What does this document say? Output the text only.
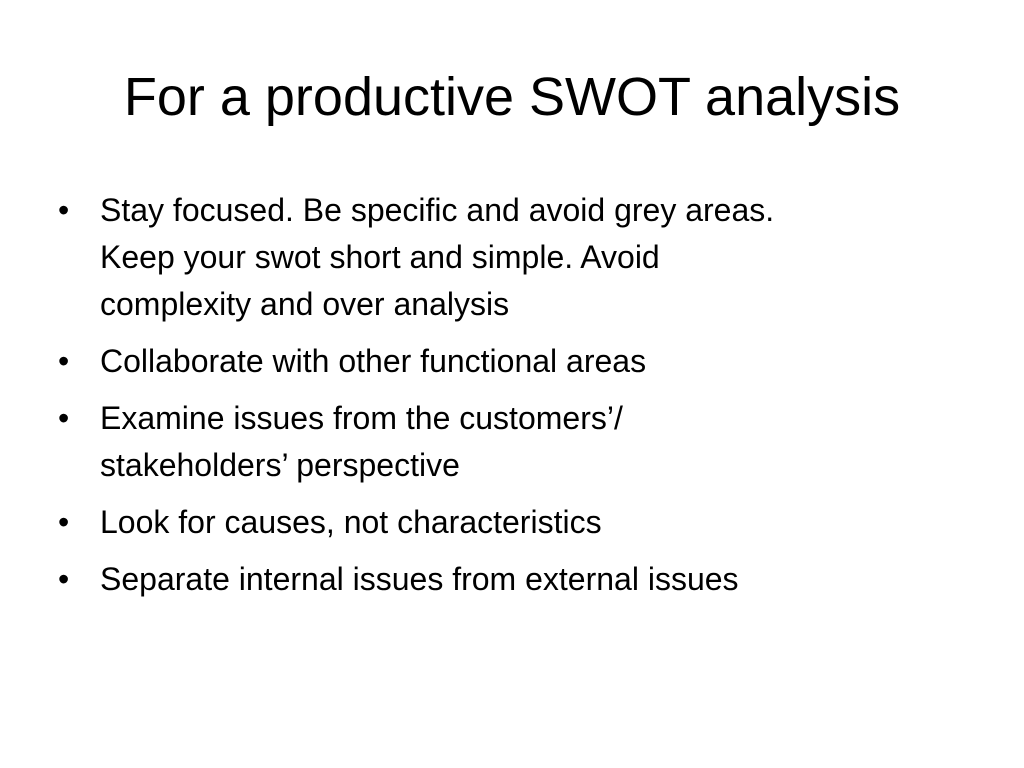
For a productive SWOT analysis
• Stay focused. Be specific and avoid grey areas.
Keep your swot short and simple. Avoid
complexity and over analysis
• Collaborate with other functional areas
• Examine issues from the customers’/
stakeholders’ perspective
• Look for causes, not characteristics
• Separate internal issues from external issues
